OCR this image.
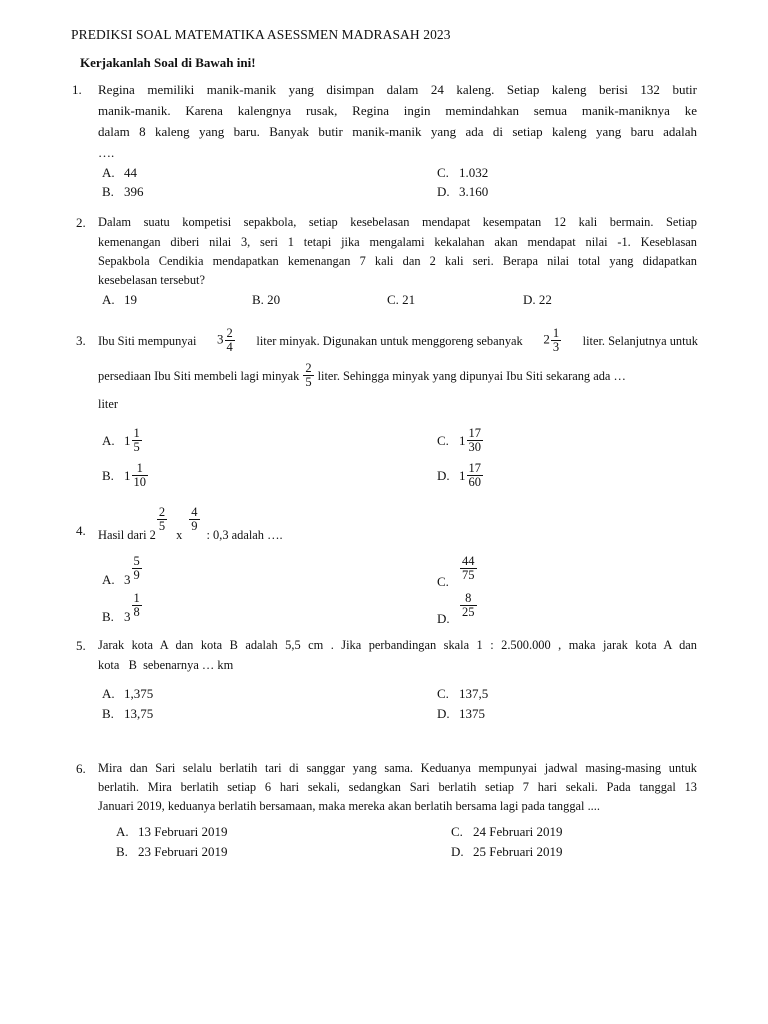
PREDIKSI SOAL MATEMATIKA ASESSMEN MADRASAH 2023
Kerjakanlah Soal di Bawah ini!
1. Regina memiliki manik-manik yang disimpan dalam 24 kaleng. Setiap kaleng berisi 132 butir
manik-manik. Karena kalengnya rusak, Regina ingin memindahkan semua manik-maniknya ke
dalam 8 kaleng yang baru. Banyak butir manik-manik yang ada di setiap kaleng yang baru adalah
….
A. 44
B. 396
C. 1.032
D. 3.160
2. Dalam suatu kompetisi sepakbola, setiap kesebelasan mendapat kesempatan 12 kali bermain. Setiap
kemenangan diberi nilai 3, seri 1 tetapi jika mengalami kekalahan akan mendapat nilai -1. Keseblasan
Sepakbola Cendikia mendapatkan kemenangan 7 kali dan 2 kali seri. Berapa nilai total yang didapatkan
kesebelasan tersebut?
A. 19	B. 20	C. 21	D. 22
3. Ibu Siti mempunyai $3 \frac{2}{4}$ liter minyak. Digunakan untuk menggoreng sebanyak $2 \frac{1}{3}$ liter. Selanjutnya untuk
persediaan Ibu Siti membeli lagi minyak $\frac{2}{5}$ liter. Sehingga minyak yang dipunyai Ibu Siti sekarang ada …
liter
A. $1 \frac{1}{5}$
B. $1 \frac{1}{10}$
C. $1 \frac{17}{30}$
D. $1 \frac{17}{60}$
4. Hasil dari 2
$\frac{2}{5}$
x
$\frac{4}{9}$
: 0,3 adalah ….
A. $3 \frac{5}{9}$
B. $3 \frac{1}{8}$
C. $\frac{44}{75}$
D. $\frac{8}{25}$
5. Jarak kota A dan kota B adalah 5,5 cm . Jika perbandingan skala 1 : 2.500.000 , maka jarak kota A dan
kota   B  sebenarnya … km
A. 1,375
B. 13,75
C. 137,5
D. 1375
6. Mira dan Sari selalu berlatih tari di sanggar yang sama. Keduanya mempunyai jadwal masing-masing untuk
berlatih. Mira berlatih setiap 6 hari sekali, sedangkan Sari berlatih setiap 7 hari sekali. Pada tanggal 13
Januari 2019, keduanya berlatih bersamaan, maka mereka akan berlatih bersama lagi pada tanggal ....
A. 13 Februari 2019
B. 23 Februari 2019
C. 24 Februari 2019
D. 25 Februari 2019
